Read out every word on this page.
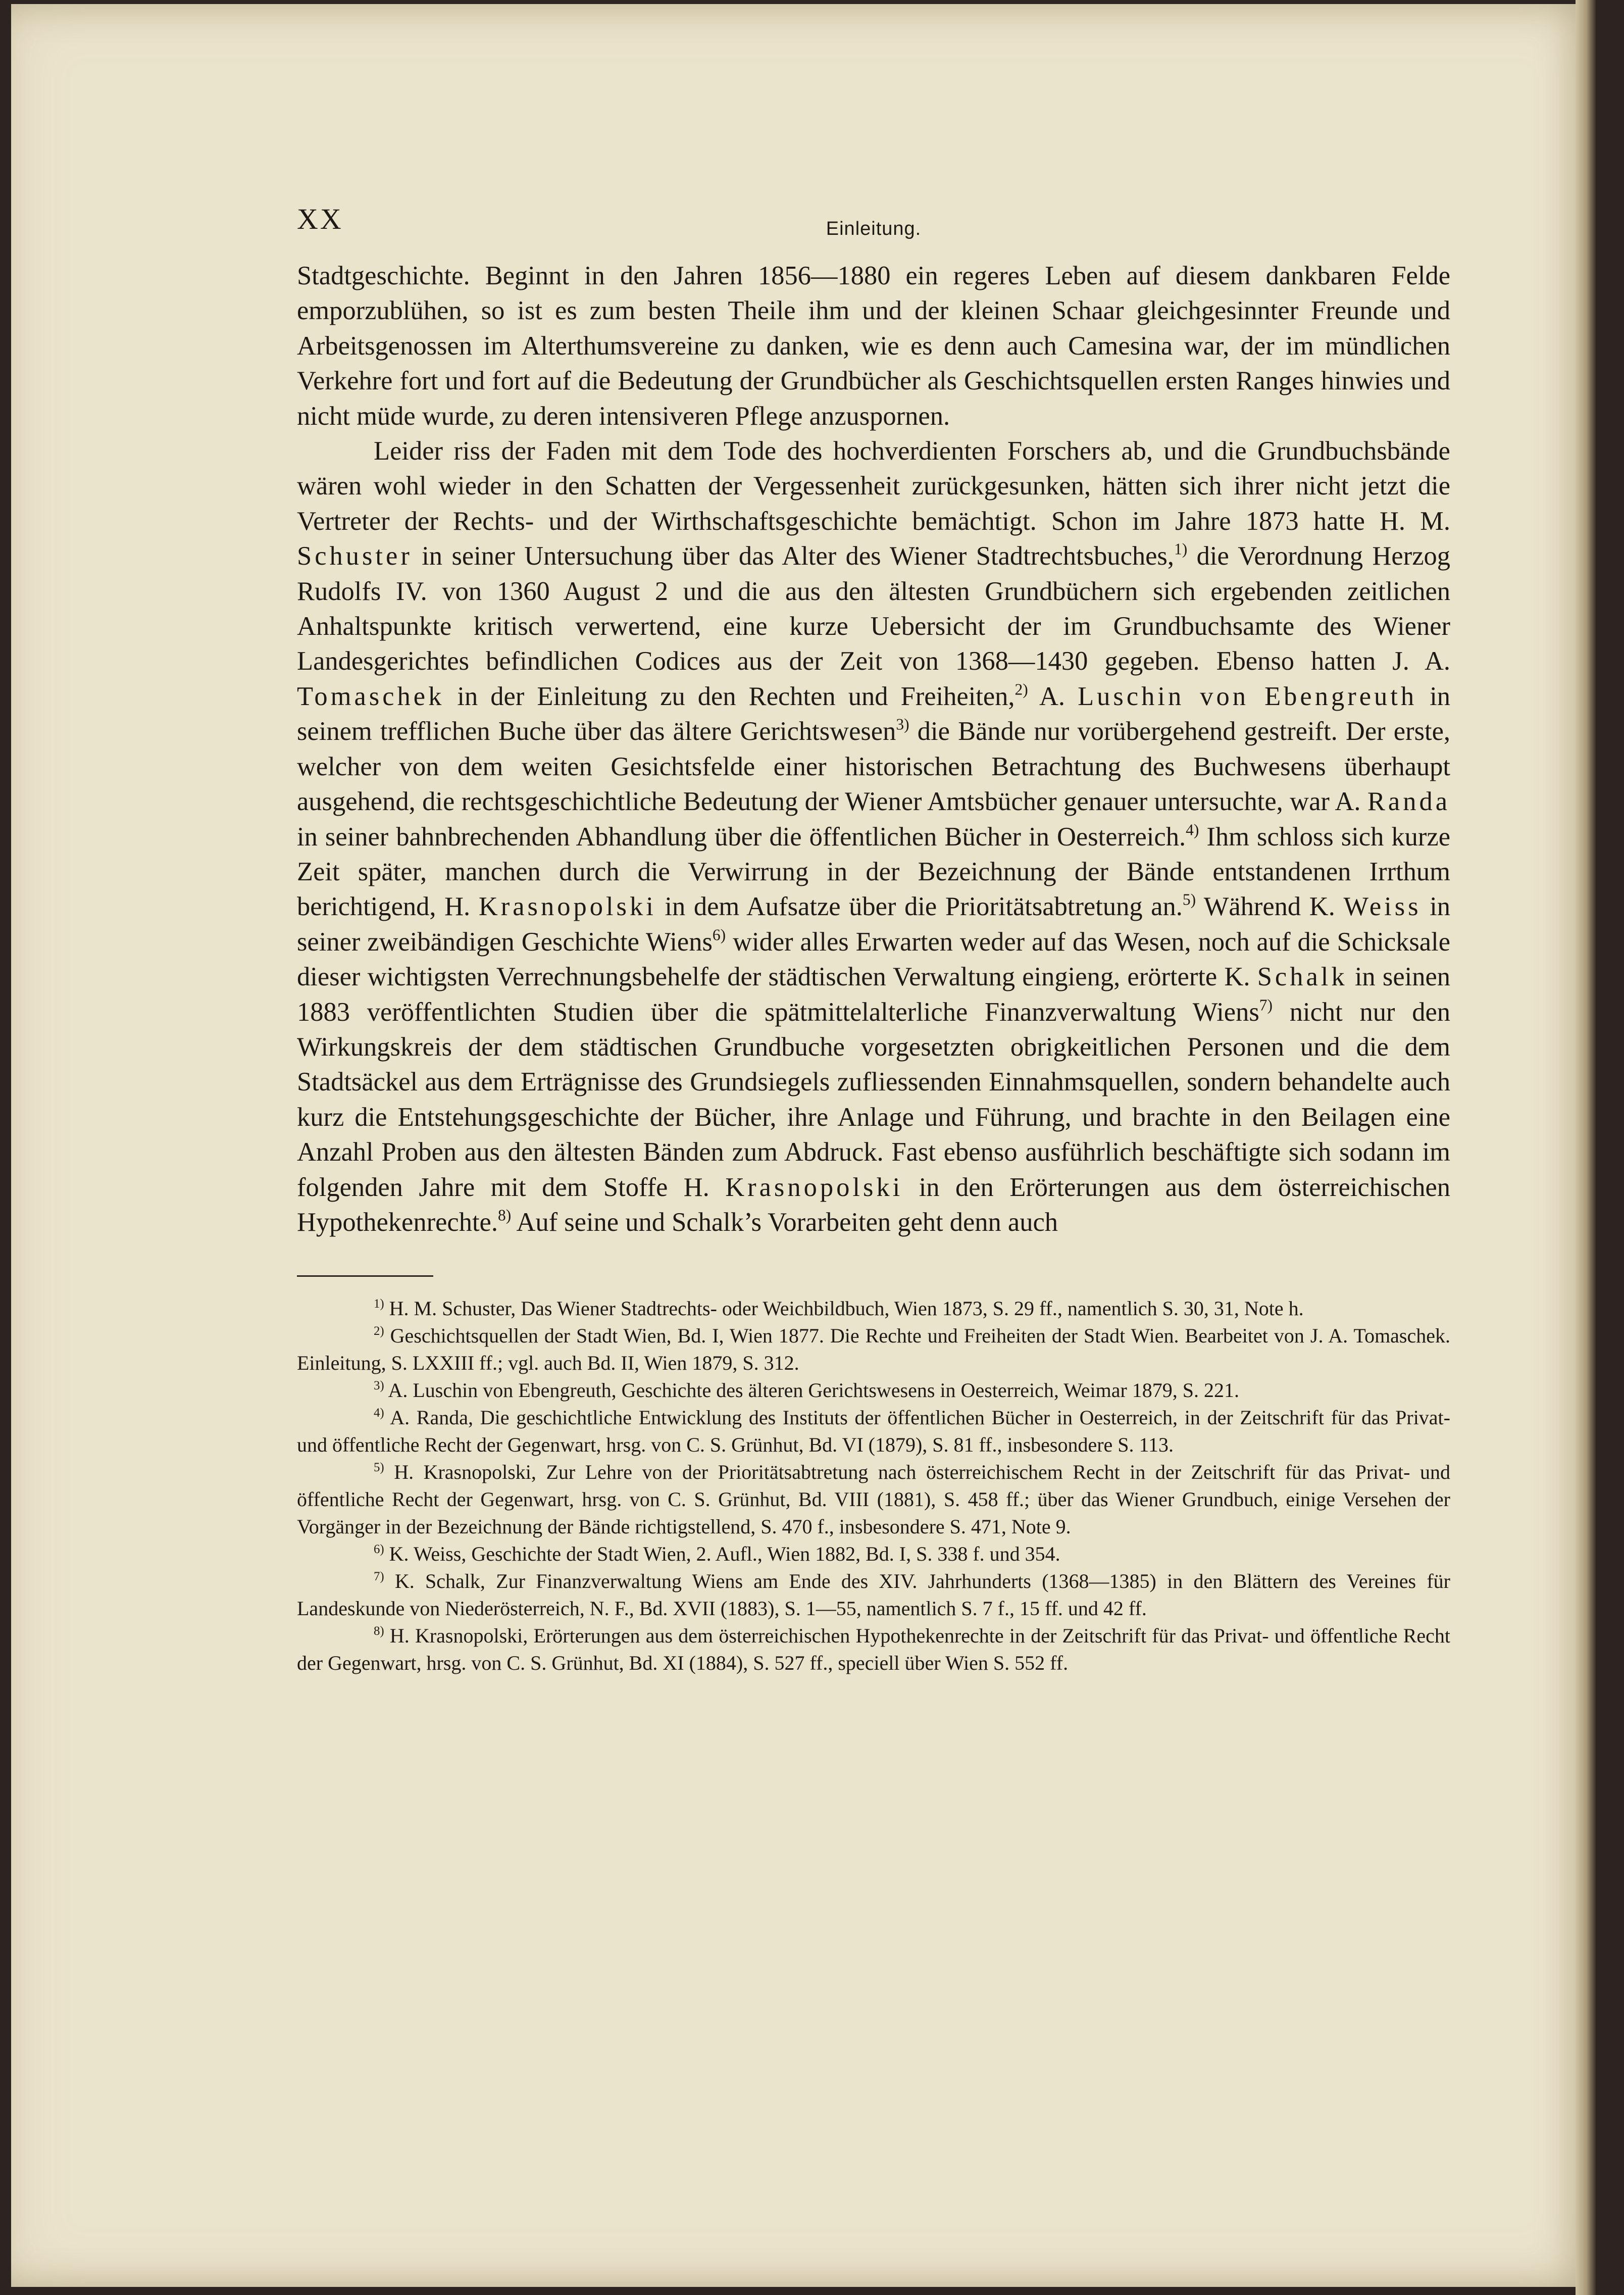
XX	Einleitung.

Stadtgeschichte. Beginnt in den Jahren 1856—1880 ein regeres Leben auf diesem dankbaren Felde emporzublühen, so ist es zum besten Theile ihm und der kleinen Schaar gleichgesinnter Freunde und Arbeitsgenossen im Alterthumsvereine zu danken, wie es denn auch Camesina war, der im mündlichen Verkehre fort und fort auf die Bedeutung der Grundbücher als Geschichtsquellen ersten Ranges hinwies und nicht müde wurde, zu deren intensiveren Pflege anzuspornen.

Leider riss der Faden mit dem Tode des hochverdienten Forschers ab, und die Grundbuchsbände wären wohl wieder in den Schatten der Vergessenheit zurückgesunken, hätten sich ihrer nicht jetzt die Vertreter der Rechts- und der Wirthschaftsgeschichte bemächtigt. Schon im Jahre 1873 hatte H. M. Schuster in seiner Untersuchung über das Alter des Wiener Stadtrechtsbuches,$^{1)}$ die Verordnung Herzog Rudolfs IV. von 1360 August 2 und die aus den ältesten Grundbüchern sich ergebenden zeitlichen Anhaltspunkte kritisch verwertend, eine kurze Uebersicht der im Grundbuchsamte des Wiener Landesgerichtes befindlichen Codices aus der Zeit von 1368—1430 gegeben. Ebenso hatten J. A. Tomaschek in der Einleitung zu den Rechten und Freiheiten,$^{2)}$ A. Luschin von Ebengreuth in seinem trefflichen Buche über das ältere Gerichtswesen$^{3)}$ die Bände nur vorübergehend gestreift. Der erste, welcher von dem weiten Gesichtsfelde einer historischen Betrachtung des Buchwesens überhaupt ausgehend, die rechtsgeschichtliche Bedeutung der Wiener Amtsbücher genauer untersuchte, war A. Randa in seiner bahnbrechenden Abhandlung über die öffentlichen Bücher in Oesterreich.$^{4)}$ Ihm schloss sich kurze Zeit später, manchen durch die Verwirrung in der Bezeichnung der Bände entstandenen Irrthum berichtigend, H. Krasnopolski in dem Aufsatze über die Prioritätsabtretung an.$^{5)}$ Während K. Weiss in seiner zweibändigen Geschichte Wiens$^{6)}$ wider alles Erwarten weder auf das Wesen, noch auf die Schicksale dieser wichtigsten Verrechnungsbehelfe der städtischen Verwaltung eingieng, erörterte K. Schalk in seinen 1883 veröffentlichten Studien über die spätmittelalterliche Finanzverwaltung Wiens$^{7)}$ nicht nur den Wirkungskreis der dem städtischen Grundbuche vorgesetzten obrigkeitlichen Personen und die dem Stadtsäckel aus dem Erträgnisse des Grundsiegels zufliessenden Einnahmsquellen, sondern behandelte auch kurz die Entstehungsgeschichte der Bücher, ihre Anlage und Führung, und brachte in den Beilagen eine Anzahl Proben aus den ältesten Bänden zum Abdruck. Fast ebenso ausführlich beschäftigte sich sodann im folgenden Jahre mit dem Stoffe H. Krasnopolski in den Erörterungen aus dem österreichischen Hypothekenrechte.$^{8)}$ Auf seine und Schalk’s Vorarbeiten geht denn auch

$^{1)}$ H. M. Schuster, Das Wiener Stadtrechts- oder Weichbildbuch, Wien 1873, S. 29 ff., namentlich S. 30, 31, Note h.
$^{2)}$ Geschichtsquellen der Stadt Wien, Bd. I, Wien 1877. Die Rechte und Freiheiten der Stadt Wien. Bearbeitet von J. A. Tomaschek. Einleitung, S. LXXIII ff.; vgl. auch Bd. II, Wien 1879, S. 312.
$^{3)}$ A. Luschin von Ebengreuth, Geschichte des älteren Gerichtswesens in Oesterreich, Weimar 1879, S. 221.
$^{4)}$ A. Randa, Die geschichtliche Entwicklung des Instituts der öffentlichen Bücher in Oesterreich, in der Zeitschrift für das Privat- und öffentliche Recht der Gegenwart, hrsg. von C. S. Grünhut, Bd. VI (1879), S. 81 ff., insbesondere S. 113.
$^{5)}$ H. Krasnopolski, Zur Lehre von der Prioritätsabtretung nach österreichischem Recht in der Zeitschrift für das Privat- und öffentliche Recht der Gegenwart, hrsg. von C. S. Grünhut, Bd. VIII (1881), S. 458 ff.; über das Wiener Grundbuch, einige Versehen der Vorgänger in der Bezeichnung der Bände richtigstellend, S. 470 f., insbesondere S. 471, Note 9.
$^{6)}$ K. Weiss, Geschichte der Stadt Wien, 2. Aufl., Wien 1882, Bd. I, S. 338 f. und 354.
$^{7)}$ K. Schalk, Zur Finanzverwaltung Wiens am Ende des XIV. Jahrhunderts (1368—1385) in den Blättern des Vereines für Landeskunde von Niederösterreich, N. F., Bd. XVII (1883), S. 1—55, namentlich S. 7 f., 15 ff. und 42 ff.
$^{8)}$ H. Krasnopolski, Erörterungen aus dem österreichischen Hypothekenrechte in der Zeitschrift für das Privat- und öffentliche Recht der Gegenwart, hrsg. von C. S. Grünhut, Bd. XI (1884), S. 527 ff., speciell über Wien S. 552 ff.
